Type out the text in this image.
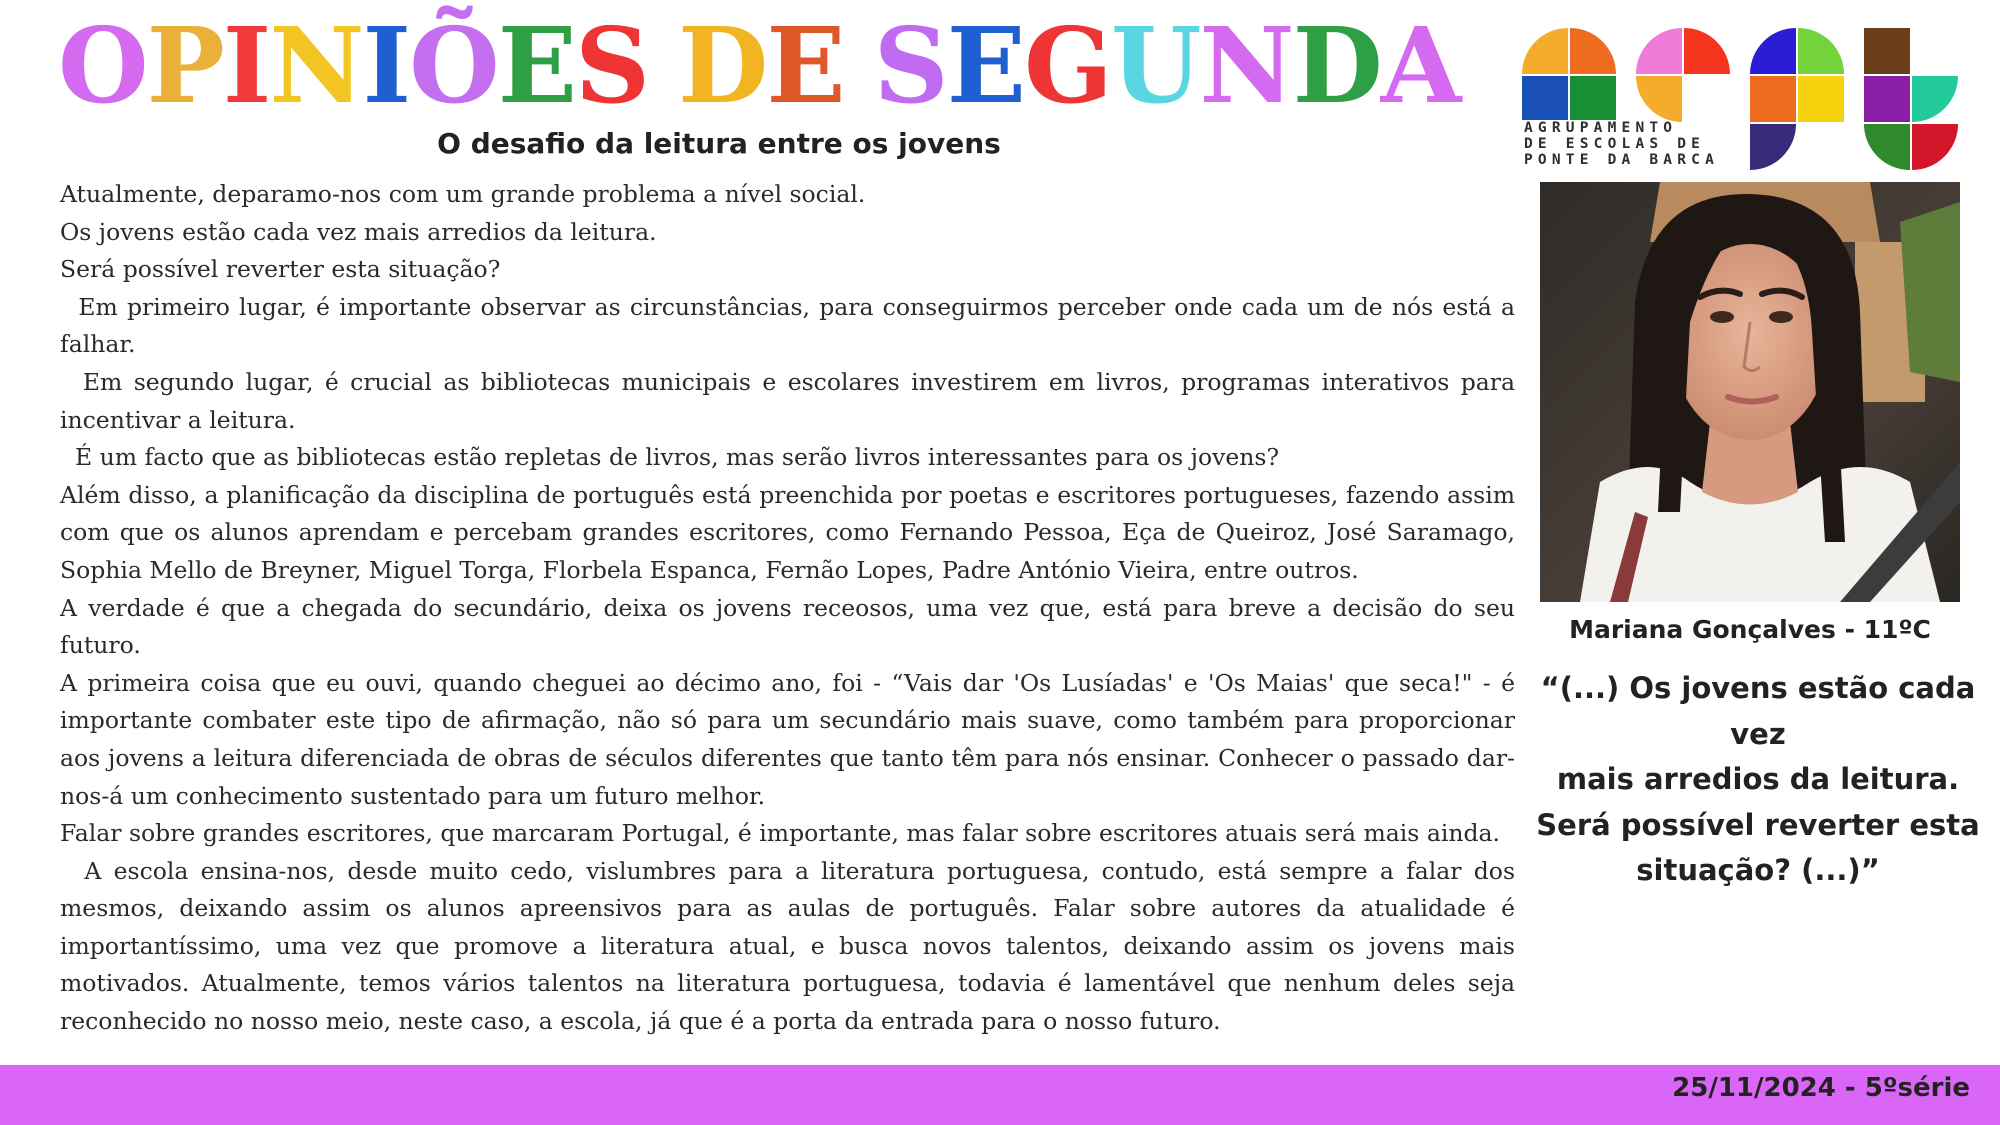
OPINIÕES DE SEGUNDA
O desafio da leitura entre os jovens

Atualmente, deparamo-nos com um grande problema a nível social.

Os jovens estão cada vez mais arredios da leitura.

Será possível reverter esta situação?

Em primeiro lugar, é importante observar as circunstâncias, para conseguirmos perceber onde cada um de nós está a falhar.

Em segundo lugar, é crucial as bibliotecas municipais e escolares investirem em livros, programas interativos para incentivar a leitura.

É um facto que as bibliotecas estão repletas de livros, mas serão livros interessantes para os jovens?

Além disso, a planificação da disciplina de português está preenchida por poetas e escritores portugueses, fazendo assim com que os alunos aprendam e percebam grandes escritores, como Fernando Pessoa, Eça de Queiroz, José Saramago, Sophia Mello de Breyner, Miguel Torga, Florbela Espanca, Fernão Lopes, Padre António Vieira, entre outros.

A verdade é que a chegada do secundário, deixa os jovens receosos, uma vez que, está para breve a decisão do seu futuro.

A primeira coisa que eu ouvi, quando cheguei ao décimo ano, foi - “Vais dar 'Os Lusíadas' e 'Os Maias' que seca!" - é importante combater este tipo de afirmação, não só para um secundário mais suave, como também para proporcionar aos jovens a leitura diferenciada de obras de séculos diferentes que tanto têm para nós ensinar. Conhecer o passado dar-nos-á um conhecimento sustentado para um futuro melhor.

Falar sobre grandes escritores, que marcaram Portugal, é importante, mas falar sobre escritores atuais será mais ainda.

A escola ensina-nos, desde muito cedo, vislumbres para a literatura portuguesa, contudo, está sempre a falar dos mesmos, deixando assim os alunos apreensivos para as aulas de português. Falar sobre autores da atualidade é importantíssimo, uma vez que promove a literatura atual, e busca novos talentos, deixando assim os jovens mais motivados. Atualmente, temos vários talentos na literatura portuguesa, todavia é lamentável que nenhum deles seja reconhecido no nosso meio, neste caso, a escola, já que é a porta da entrada para o nosso futuro.

AGRUPAMENTO
DE ESCOLAS DE
PONTE DA BARCA

Mariana Gonçalves - 11ºC

“(...) Os jovens estão cada vez
mais arredios da leitura.
Será possível reverter esta
situação? (...)”
25/11/2024 - 5ºsérie
